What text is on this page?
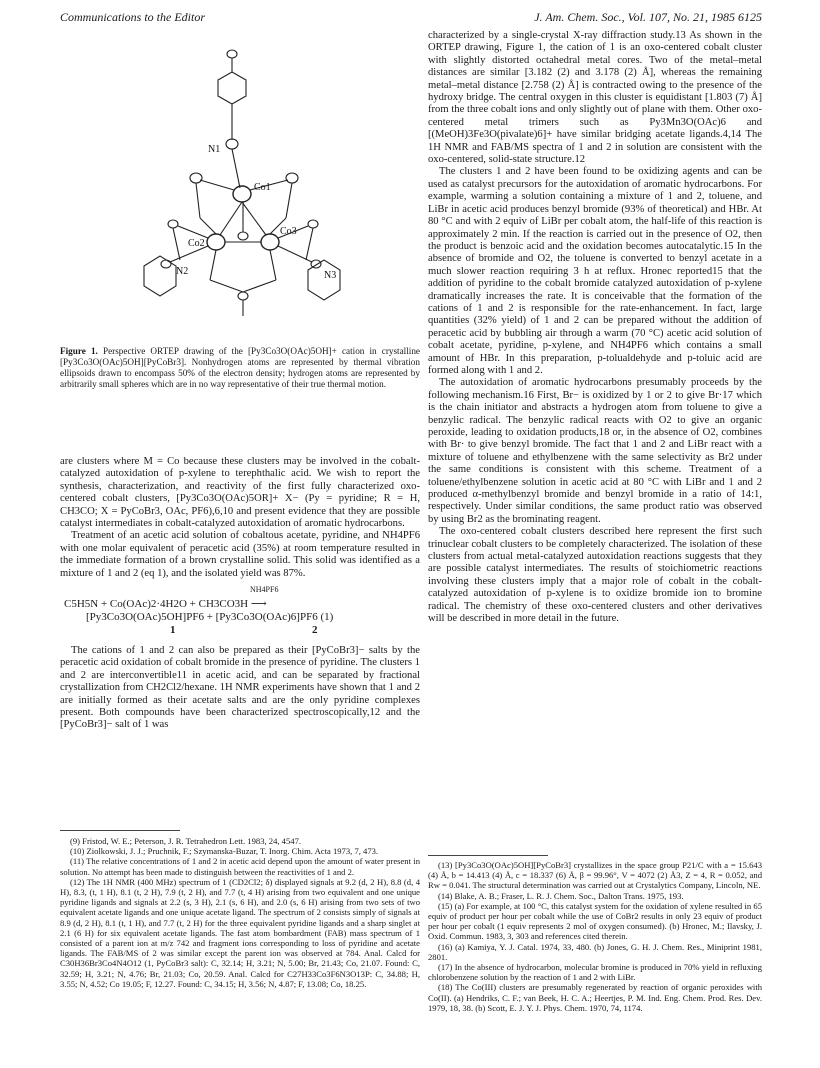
Communications to the Editor	J. Am. Chem. Soc., Vol. 107, No. 21, 1985 6125
N1
Co1
Co2
Co3
N2	N3
Figure 1. Perspective ORTEP drawing of the [Py3Co3O(OAc)5OH]+ cation in crystalline [Py3Co3O(OAc)5OH][PyCoBr3]. Nonhydrogen atoms are represented by thermal vibration ellipsoids drawn to encompass 50% of the electron density; hydrogen atoms are represented by arbitrarily small spheres which are in no way representative of their true thermal motion.

are clusters where M = Co because these clusters may be involved in the cobalt-catalyzed autoxidation of p-xylene to terephthalic acid. We wish to report the synthesis, characterization, and reactivity of the first fully characterized oxo-centered cobalt clusters, [Py3Co3O(OAc)5OR]+ X− (Py = pyridine; R = H, CH3CO; X = PyCoBr3, OAc, PF6),6,10 and present evidence that they are possible catalyst intermediates in cobalt-catalyzed autoxidation of aromatic hydrocarbons.

Treatment of an acetic acid solution of cobaltous acetate, pyridine, and NH4PF6 with one molar equivalent of peracetic acid (35%) at room temperature resulted in the immediate formation of a brown crystalline solid. This solid was identified as a mixture of 1 and 2 (eq 1), and the isolated yield was 87%.

NH4PF6
C5H5N + Co(OAc)2·4H2O + CH3CO3H ⟶
[Py3Co3O(OAc)5OH]PF6 + [Py3Co3O(OAc)6]PF6 (1)
1	2

The cations of 1 and 2 can also be prepared as their [PyCoBr3]− salts by the peracetic acid oxidation of cobalt bromide in the presence of pyridine. The clusters 1 and 2 are interconvertible11 in acetic acid, and can be separated by fractional crystallization from CH2Cl2/hexane. 1H NMR experiments have shown that 1 and 2 are initially formed as their acetate salts and are the only pyridine complexes present. Both compounds have been characterized spectroscopically,12 and the [PyCoBr3]− salt of 1 was

(9) Fristod, W. E.; Peterson, J. R. Tetrahedron Lett. 1983, 24, 4547.

(10) Ziolkowski, J. J.; Pruchnik, F.; Szymanska-Buzar, T. Inorg. Chim. Acta 1973, 7, 473.

(11) The relative concentrations of 1 and 2 in acetic acid depend upon the amount of water present in solution. No attempt has been made to distinguish between the reactivities of 1 and 2.

(12) The 1H NMR (400 MHz) spectrum of 1 (CD2Cl2; δ) displayed signals at 9.2 (d, 2 H), 8.8 (d, 4 H), 8.3, (t, 1 H), 8.1 (t, 2 H), 7.9 (t, 2 H), and 7.7 (t, 4 H) arising from two equivalent and one unique pyridine ligands and signals at 2.2 (s, 3 H), 2.1 (s, 6 H), and 2.0 (s, 6 H) arising from two sets of two equivalent acetate ligands and one unique acetate ligand. The spectrum of 2 consists simply of signals at 8.9 (d, 2 H), 8.1 (t, 1 H), and 7.7 (t, 2 H) for the three equivalent pyridine ligands and a sharp singlet at 2.1 (6 H) for six equivalent acetate ligands. The fast atom bombardment (FAB) mass spectrum of 1 consisted of a parent ion at m/z 742 and fragment ions corresponding to loss of pyridine and acetate ligands. The FAB/MS of 2 was similar except the parent ion was observed at 784. Anal. Calcd for C30H36Br3Co4N4O12 (1, PyCoBr3 salt): C, 32.14; H, 3.21; N, 5.00; Br, 21.43; Co, 21.07. Found: C, 32.59; H, 3.21; N, 4.76; Br, 21.03; Co, 20.59. Anal. Calcd for C27H33Co3F6N3O13P: C, 34.88; H, 3.55; N, 4.52; Co 19.05; F, 12.27. Found: C, 34.15; H, 3.56; N, 4.87; F, 13.08; Co, 18.25.

characterized by a single-crystal X-ray diffraction study.13 As shown in the ORTEP drawing, Figure 1, the cation of 1 is an oxo-centered cobalt cluster with slightly distorted octahedral metal cores. Two of the metal–metal distances are similar [3.182 (2) and 3.178 (2) Å], whereas the remaining metal–metal distance [2.758 (2) Å] is contracted owing to the presence of the hydroxy bridge. The central oxygen in this cluster is equidistant [1.803 (7) Å] from the three cobalt ions and only slightly out of plane with them. Other oxo-centered metal trimers such as Py3Mn3O(OAc)6 and [(MeOH)3Fe3O(pivalate)6]+ have similar bridging acetate ligands.4,14 The 1H NMR and FAB/MS spectra of 1 and 2 in solution are consistent with the oxo-centered, solid-state structure.12

The clusters 1 and 2 have been found to be oxidizing agents and can be used as catalyst precursors for the autoxidation of aromatic hydrocarbons. For example, warming a solution containing a mixture of 1 and 2, toluene, and LiBr in acetic acid produces benzyl bromide (93% of theoretical) and HBr. At 80 °C and with 2 equiv of LiBr per cobalt atom, the half-life of this reaction is approximately 2 min. If the reaction is carried out in the presence of O2, then the product is benzoic acid and the oxidation becomes autocatalytic.15 In the absence of bromide and O2, the toluene is converted to benzyl acetate in a much slower reaction requiring 3 h at reflux. Hronec reported15 that the addition of pyridine to the cobalt bromide catalyzed autoxidation of p-xylene dramatically increases the rate. It is conceivable that the formation of the cations of 1 and 2 is responsible for the rate-enhancement. In fact, large quantities (32% yield) of 1 and 2 can be prepared without the addition of peracetic acid by bubbling air through a warm (70 °C) acetic acid solution of cobalt acetate, pyridine, p-xylene, and NH4PF6 which contains a small amount of HBr. In this preparation, p-tolualdehyde and p-toluic acid are formed along with 1 and 2.

The autoxidation of aromatic hydrocarbons presumably proceeds by the following mechanism.16 First, Br− is oxidized by 1 or 2 to give Br·17 which is the chain initiator and abstracts a hydrogen atom from toluene to give a benzylic radical. The benzylic radical reacts with O2 to give an organic peroxide, leading to oxidation products,18 or, in the absence of O2, combines with Br· to give benzyl bromide. The fact that 1 and 2 and LiBr react with a mixture of toluene and ethylbenzene with the same selectivity as Br2 under the same conditions is consistent with this scheme. Treatment of a toluene/ethylbenzene solution in acetic acid at 80 °C with LiBr and 1 and 2 produced α-methylbenzyl bromide and benzyl bromide in a ratio of 14:1, respectively. Under similar conditions, the same product ratio was observed by using Br2 as the brominating reagent.

The oxo-centered cobalt clusters described here represent the first such trinuclear cobalt clusters to be completely characterized. The isolation of these clusters from actual metal-catalyzed autoxidation reactions suggests that they are possible catalyst intermediates. The results of stoichiometric reactions involving these clusters imply that a major role of cobalt in the cobalt-catalyzed autoxidation of p-xylene is to oxidize bromide ion to bromine radical. The chemistry of these oxo-centered clusters and other derivatives will be described in more detail in the future.

(13) [Py3Co3O(OAc)5OH][PyCoBr3] crystallizes in the space group P21/C with a = 15.643 (4) Å, b = 14.413 (4) Å, c = 18.337 (6) Å, β = 99.96°, V = 4072 (2) Å3, Z = 4, R = 0.052, and Rw = 0.041. The structural determination was carried out at Crystalytics Company, Lincoln, NE.

(14) Blake, A. B.; Fraser, L. R. J. Chem. Soc., Dalton Trans. 1975, 193.

(15) (a) For example, at 100 °C, this catalyst system for the oxidation of xylene resulted in 65 equiv of product per hour per cobalt while the use of CoBr2 results in only 23 equiv of product per hour per cobalt (1 equiv represents 2 mol of oxygen consumed). (b) Hronec, M.; Ilavsky, J. Oxid. Commun. 1983, 3, 303 and references cited therein.

(16) (a) Kamiya, Y. J. Catal. 1974, 33, 480. (b) Jones, G. H. J. Chem. Res., Miniprint 1981, 2801.

(17) In the absence of hydrocarbon, molecular bromine is produced in 70% yield in refluxing chlorobenzene solution by the reaction of 1 and 2 with LiBr.

(18) The Co(III) clusters are presumably regenerated by reaction of organic peroxides with Co(II). (a) Hendriks, C. F.; van Beek, H. C. A.; Heertjes, P. M. Ind. Eng. Chem. Prod. Res. Dev. 1979, 18, 38. (b) Scott, E. J. Y. J. Phys. Chem. 1970, 74, 1174.
